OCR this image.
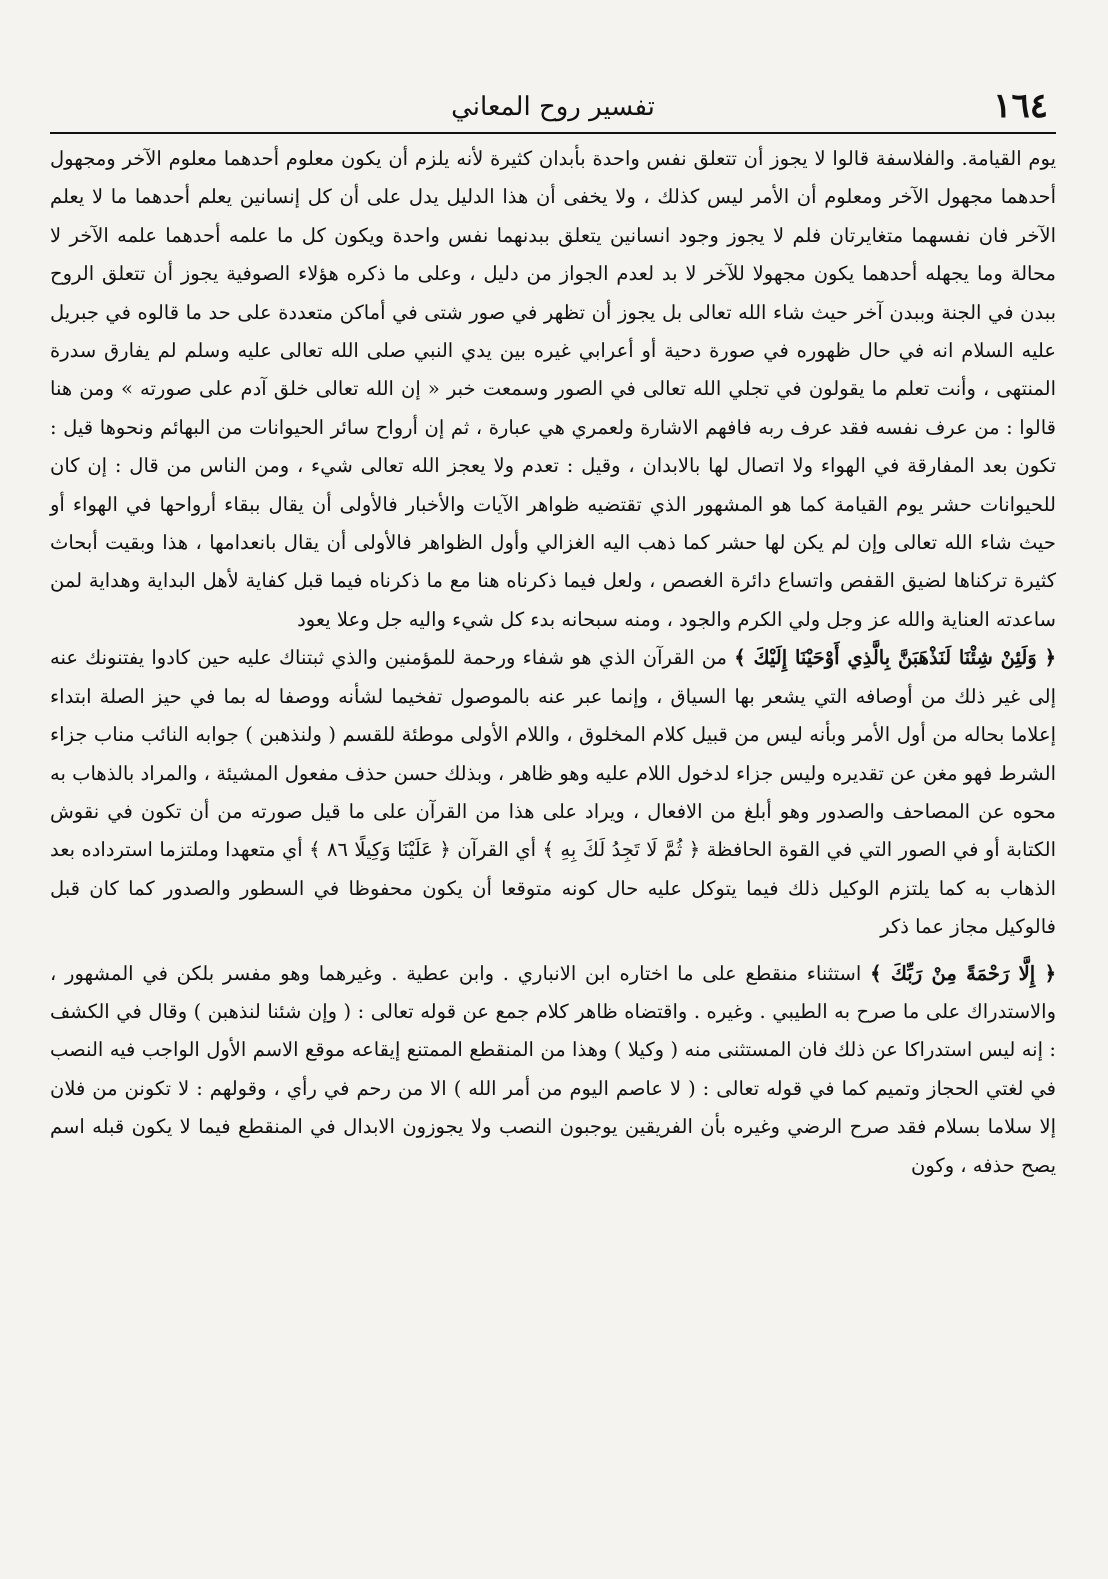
١٦٤
تفسير روح المعاني

يوم القيامة. والفلاسفة قالوا لا يجوز أن تتعلق نفس واحدة بأبدان كثيرة لأنه يلزم أن يكون معلوم أحدهما معلوم الآخر ومجهول أحدهما مجهول الآخر ومعلوم أن الأمر ليس كذلك ، ولا يخفى أن هذا الدليل يدل على أن كل إنسانين يعلم أحدهما ما لا يعلم الآخر فان نفسهما متغايرتان فلم لا يجوز وجود انسانين يتعلق ببدنهما نفس واحدة ويكون كل ما علمه أحدهما علمه الآخر لا محالة وما يجهله أحدهما يكون مجهولا للآخر لا بد لعدم الجواز من دليل ، وعلى ما ذكره هؤلاء الصوفية يجوز أن تتعلق الروح ببدن في الجنة وببدن آخر حيث شاء الله تعالى بل يجوز أن تظهر في صور شتى في أماكن متعددة على حد ما قالوه في جبريل عليه السلام انه في حال ظهوره في صورة دحية أو أعرابي غيره بين يدي النبي صلى الله تعالى عليه وسلم لم يفارق سدرة المنتهى ، وأنت تعلم ما يقولون في تجلي الله تعالى في الصور وسمعت خبر « إن الله تعالى خلق آدم على صورته » ومن هنا قالوا : من عرف نفسه فقد عرف ربه فافهم الاشارة ولعمري هي عبارة ، ثم إن أرواح سائر الحيوانات من البهائم ونحوها قيل : تكون بعد المفارقة في الهواء ولا اتصال لها بالابدان ، وقيل : تعدم ولا يعجز الله تعالى شيء ، ومن الناس من قال : إن كان للحيوانات حشر يوم القيامة كما هو المشهور الذي تقتضيه ظواهر الآيات والأخبار فالأولى أن يقال ببقاء أرواحها في الهواء أو حيث شاء الله تعالى وإن لم يكن لها حشر كما ذهب اليه الغزالي وأول الظواهر فالأولى أن يقال بانعدامها ، هذا وبقيت أبحاث كثيرة تركناها لضيق القفص واتساع دائرة الغصص ، ولعل فيما ذكرناه هنا مع ما ذكرناه فيما قبل كفاية لأهل البداية وهداية لمن ساعدته العناية والله عز وجل ولي الكرم والجود ، ومنه سبحانه بدء كل شيء واليه جل وعلا يعود

﴿ وَلَئِنْ شِئْنَا لَنَذْهَبَنَّ بِالَّذِي أَوْحَيْنَا إِلَيْكَ ﴾ من القرآن الذي هو شفاء ورحمة للمؤمنين والذي ثبتناك عليه حين كادوا يفتنونك عنه إلى غير ذلك من أوصافه التي يشعر بها السياق ، وإنما عبر عنه بالموصول تفخيما لشأنه ووصفا له بما في حيز الصلة ابتداء إعلاما بحاله من أول الأمر وبأنه ليس من قبيل كلام المخلوق ، واللام الأولى موطئة للقسم ( ولنذهبن ) جوابه النائب مناب جزاء الشرط فهو مغن عن تقديره وليس جزاء لدخول اللام عليه وهو ظاهر ، وبذلك حسن حذف مفعول المشيئة ، والمراد بالذهاب به محوه عن المصاحف والصدور وهو أبلغ من الافعال ، ويراد على هذا من القرآن على ما قيل صورته من أن تكون في نقوش الكتابة أو في الصور التي في القوة الحافظة ﴿ ثُمَّ لَا تَجِدُ لَكَ بِهِ ﴾ أي القرآن ﴿ عَلَيْنَا وَكِيلًا ٨٦ ﴾ أي متعهدا وملتزما استرداده بعد الذهاب به كما يلتزم الوكيل ذلك فيما يتوكل عليه حال كونه متوقعا أن يكون محفوظا في السطور والصدور كما كان قبل فالوكيل مجاز عما ذكر

﴿ إِلَّا رَحْمَةً مِنْ رَبِّكَ ﴾ استثناء منقطع على ما اختاره ابن الانباري . وابن عطية . وغيرهما وهو مفسر بلكن في المشهور ، والاستدراك على ما صرح به الطيبي . وغيره . واقتضاه ظاهر كلام جمع عن قوله تعالى : ( وإن شئنا لنذهبن ) وقال في الكشف : إنه ليس استدراكا عن ذلك فان المستثنى منه ( وكيلا ) وهذا من المنقطع الممتنع إيقاعه موقع الاسم الأول الواجب فيه النصب في لغتي الحجاز وتميم كما في قوله تعالى : ( لا عاصم اليوم من أمر الله ) الا من رحم في رأي ، وقولهم : لا تكونن من فلان إلا سلاما بسلام فقد صرح الرضي وغيره بأن الفريقين يوجبون النصب ولا يجوزون الابدال في المنقطع فيما لا يكون قبله اسم يصح حذفه ، وكون
